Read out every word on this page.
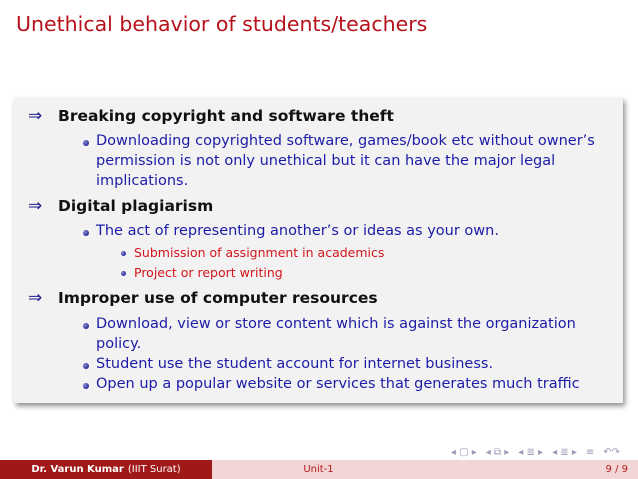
Unethical behavior of students/teachers
⇒ Breaking copyright and software theft
Downloading copyrighted software, games/book etc without owner’s
permission is not only unethical but it can have the major legal
implications.
⇒ Digital plagiarism
The act of representing another’s or ideas as your own.
Submission of assignment in academics
Project or report writing
⇒ Improper use of computer resources
Download, view or store content which is against the organization
policy.
Student use the student account for internet business.
Open up a popular website or services that generates much traffic
◂ ▢ ▸ ◂ ⧉ ▸ ◂ ≣ ▸ ◂ ≣ ▸ ≡ ↶↷
Dr. Varun Kumar (IIIT Surat)	Unit-1	9 / 9
